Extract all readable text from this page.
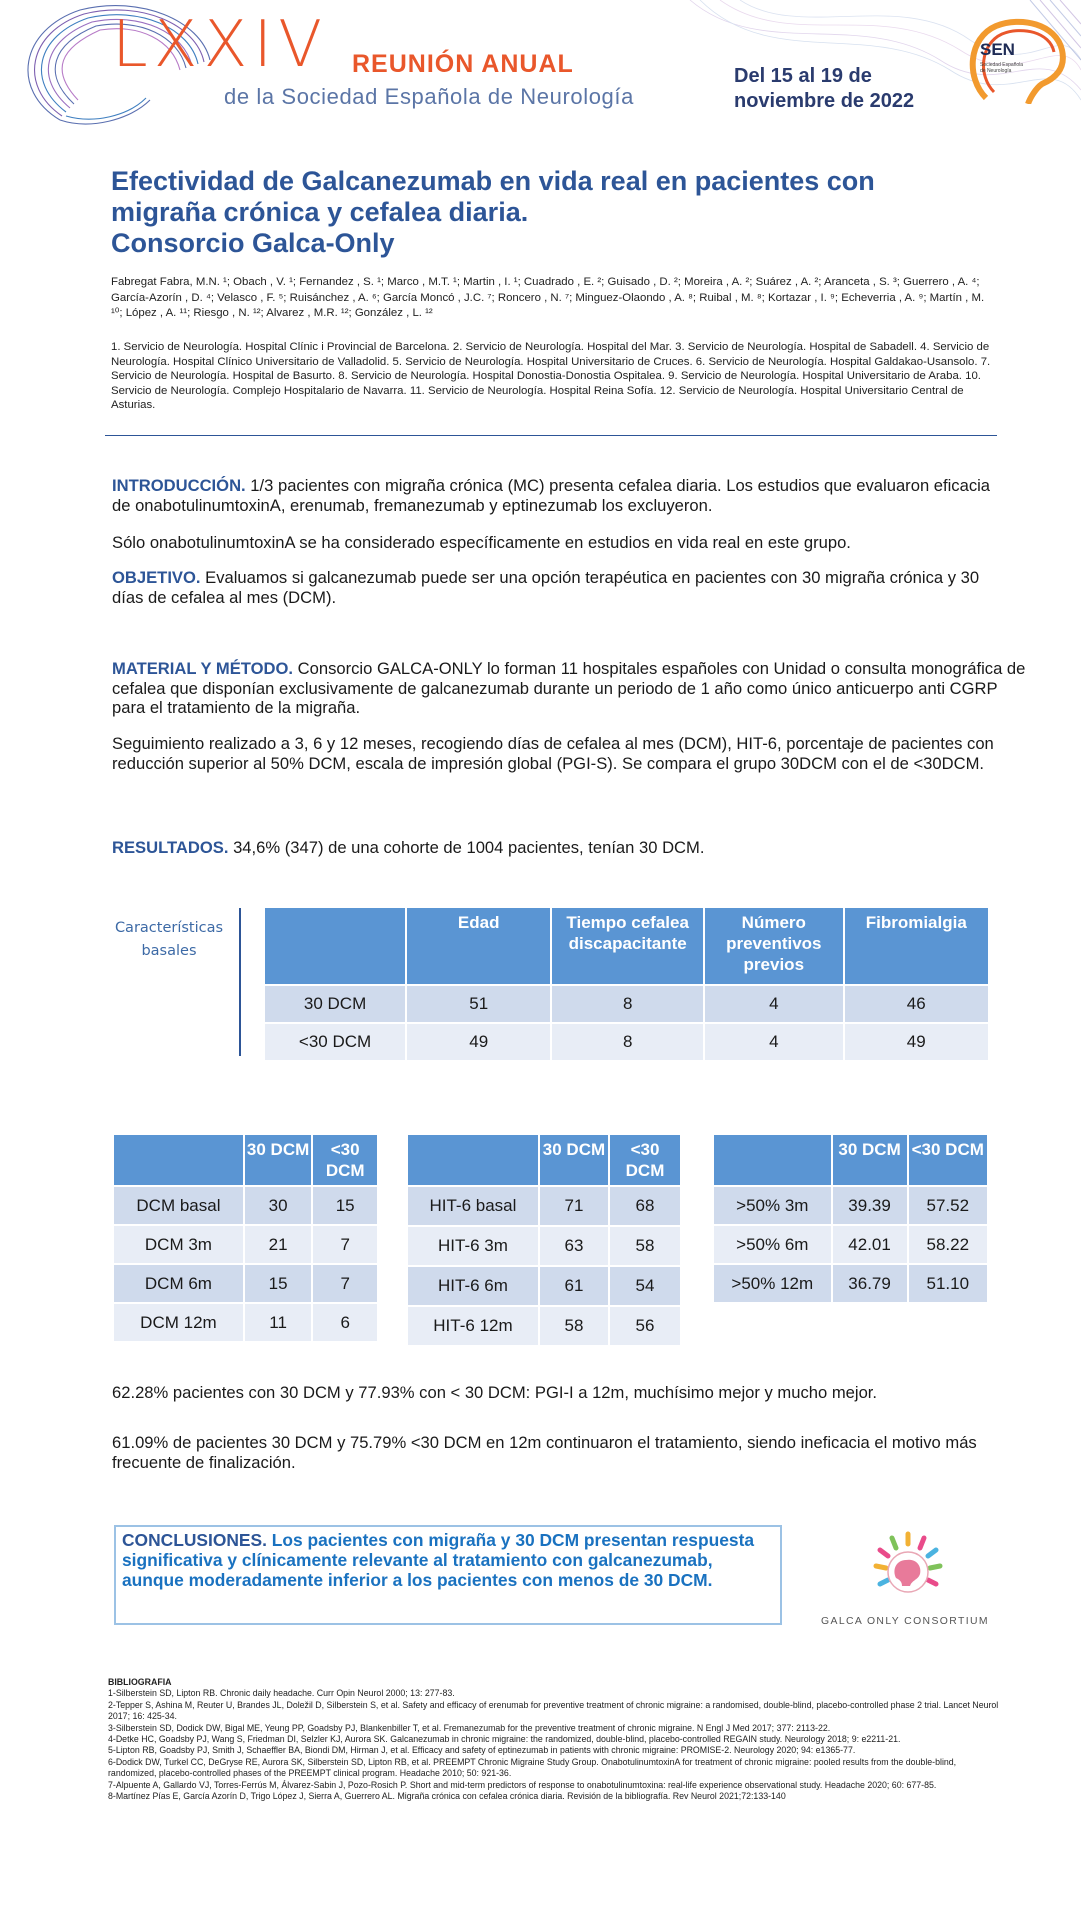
LXXIV REUNIÓN ANUAL
de la Sociedad Española de Neurología
Del 15 al 19 de
noviembre de 2022
SEN
Sociedad Española de Neurología
Efectividad de Galcanezumab en vida real en pacientes con
migraña crónica y cefalea diaria.
Consorcio Galca-Only
Fabregat Fabra, M.N. ¹; Obach , V. ¹; Fernandez , S. ¹; Marco , M.T. ¹; Martin , I. ¹; Cuadrado , E. ²; Guisado , D. ²; Moreira , A. ²; Suárez , A. ²; Aranceta , S. ³; Guerrero , A. ⁴; García-Azorín , D. ⁴; Velasco , F. ⁵; Ruisánchez , A. ⁶; García Moncó , J.C. ⁷; Roncero , N. ⁷; Minguez-Olaondo , A. ⁸; Ruibal , M. ⁸; Kortazar , I. ⁹; Echeverria , A. ⁹; Martín , M. ¹⁰; López , A. ¹¹; Riesgo , N. ¹²; Alvarez , M.R. ¹²; González , L. ¹²
1. Servicio de Neurología. Hospital Clínic i Provincial de Barcelona. 2. Servicio de Neurología. Hospital del Mar. 3. Servicio de Neurología. Hospital de Sabadell. 4. Servicio de Neurología. Hospital Clínico Universitario de Valladolid. 5. Servicio de Neurología. Hospital Universitario de Cruces. 6. Servicio de Neurología. Hospital Galdakao-Usansolo. 7. Servicio de Neurología. Hospital de Basurto. 8. Servicio de Neurología. Hospital Donostia-Donostia Ospitalea. 9. Servicio de Neurología. Hospital Universitario de Araba. 10. Servicio de Neurología. Complejo Hospitalario de Navarra. 11. Servicio de Neurología. Hospital Reina Sofía. 12. Servicio de Neurología. Hospital Universitario Central de Asturias.
INTRODUCCIÓN. 1/3 pacientes con migraña crónica (MC) presenta cefalea diaria. Los estudios que evaluaron eficacia de onabotulinumtoxinA, erenumab, fremanezumab y eptinezumab los excluyeron.
Sólo onabotulinumtoxinA se ha considerado específicamente en estudios en vida real en este grupo.
OBJETIVO. Evaluamos si galcanezumab puede ser una opción terapéutica en pacientes con 30 migraña crónica y 30 días de cefalea al mes (DCM).
MATERIAL Y MÉTODO. Consorcio GALCA-ONLY lo forman 11 hospitales españoles con Unidad o consulta monográfica de cefalea que disponían exclusivamente de galcanezumab durante un periodo de 1 año como único anticuerpo anti CGRP para el tratamiento de la migraña.
Seguimiento realizado a 3, 6 y 12 meses, recogiendo días de cefalea al mes (DCM), HIT-6, porcentaje de pacientes con reducción superior al 50% DCM, escala de impresión global (PGI-S). Se compara el grupo 30DCM con el de <30DCM.
RESULTADOS. 34,6% (347) de una cohorte de 1004 pacientes, tenían 30 DCM.
Características
basales
	Edad	Tiempo cefalea discapacitante	Número preventivos previos	Fibromialgia
30 DCM	51	8	4	46
<30 DCM	49	8	4	49
	30 DCM	<30 DCM
DCM basal	30	15
DCM 3m	21	7
DCM 6m	15	7
DCM 12m	11	6
	30 DCM	<30 DCM
HIT-6 basal	71	68
HIT-6 3m	63	58
HIT-6 6m	61	54
HIT-6 12m	58	56
	30 DCM	<30 DCM
>50% 3m	39.39	57.52
>50% 6m	42.01	58.22
>50% 12m	36.79	51.10
62.28% pacientes con 30 DCM y 77.93% con < 30 DCM: PGI-I a 12m, muchísimo mejor y mucho mejor.
61.09% de pacientes 30 DCM y 75.79% <30 DCM en 12m continuaron el tratamiento, siendo ineficacia el motivo más frecuente de finalización.
CONCLUSIONES. Los pacientes con migraña y 30 DCM presentan respuesta significativa y clínicamente relevante al tratamiento con galcanezumab, aunque moderadamente inferior a los pacientes con menos de 30 DCM.
GALCA ONLY CONSORTIUM
BIBLIOGRAFIA
1-Silberstein SD, Lipton RB. Chronic daily headache. Curr Opin Neurol 2000; 13: 277-83.
2-Tepper S, Ashina M, Reuter U, Brandes JL, Doležil D, Silberstein S, et al. Safety and efficacy of erenumab for preventive treatment of chronic migraine: a randomised, double-blind, placebo-controlled phase 2 trial. Lancet Neurol 2017; 16: 425-34.
3-Silberstein SD, Dodick DW, Bigal ME, Yeung PP, Goadsby PJ, Blankenbiller T, et al. Fremanezumab for the preventive treatment of chronic migraine. N Engl J Med 2017; 377: 2113-22.
4-Detke HC, Goadsby PJ, Wang S, Friedman DI, Selzler KJ, Aurora SK. Galcanezumab in chronic migraine: the randomized, double-blind, placebo-controlled REGAIN study. Neurology 2018; 9: e2211-21.
5-Lipton RB, Goadsby PJ, Smith J, Schaeffler BA, Biondi DM, Hirman J, et al. Efficacy and safety of eptinezumab in patients with chronic migraine: PROMISE-2. Neurology 2020; 94: e1365-77.
6-Dodick DW, Turkel CC, DeGryse RE, Aurora SK, Silberstein SD, Lipton RB, et al. PREEMPT Chronic Migraine Study Group. OnabotulinumtoxinA for treatment of chronic migraine: pooled results from the double-blind, randomized, placebo-controlled phases of the PREEMPT clinical program. Headache 2010; 50: 921-36.
7-Alpuente A, Gallardo VJ, Torres-Ferrús M, Álvarez-Sabin J, Pozo-Rosich P. Short and mid-term predictors of response to onabotulinumtoxina: real-life experience observational study. Headache 2020; 60: 677-85.
8-Martínez Pías E, García Azorín D, Trigo López J, Sierra A, Guerrero AL. Migraña crónica con cefalea crónica diaria. Revisión de la bibliografía. Rev Neurol 2021;72:133-140
